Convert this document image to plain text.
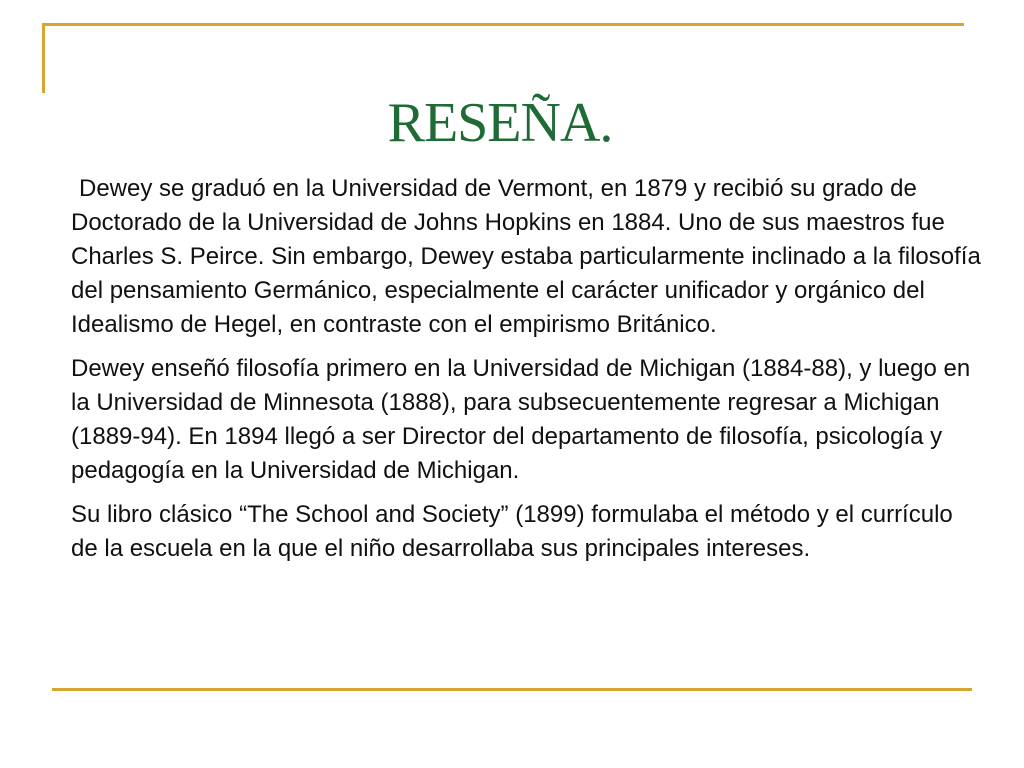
RESEÑA.

Dewey se graduó en la Universidad de Vermont, en 1879 y recibió su grado de Doctorado de la Universidad de Johns Hopkins en 1884. Uno de sus maestros fue Charles S. Peirce. Sin embargo, Dewey estaba particularmente inclinado a la filosofía del pensamiento Germánico, especialmente el carácter unificador y orgánico del Idealismo de Hegel, en contraste con el empirismo Británico.

Dewey enseñó filosofía primero en la Universidad de Michigan (1884-88), y luego en la Universidad de Minnesota (1888), para subsecuentemente regresar a Michigan (1889-94). En 1894 llegó a ser Director del departamento de filosofía, psicología y pedagogía en la Universidad de Michigan.

Su libro clásico “The School and Society” (1899) formulaba el método y el currículo de la escuela en la que el niño desarrollaba sus principales intereses.
